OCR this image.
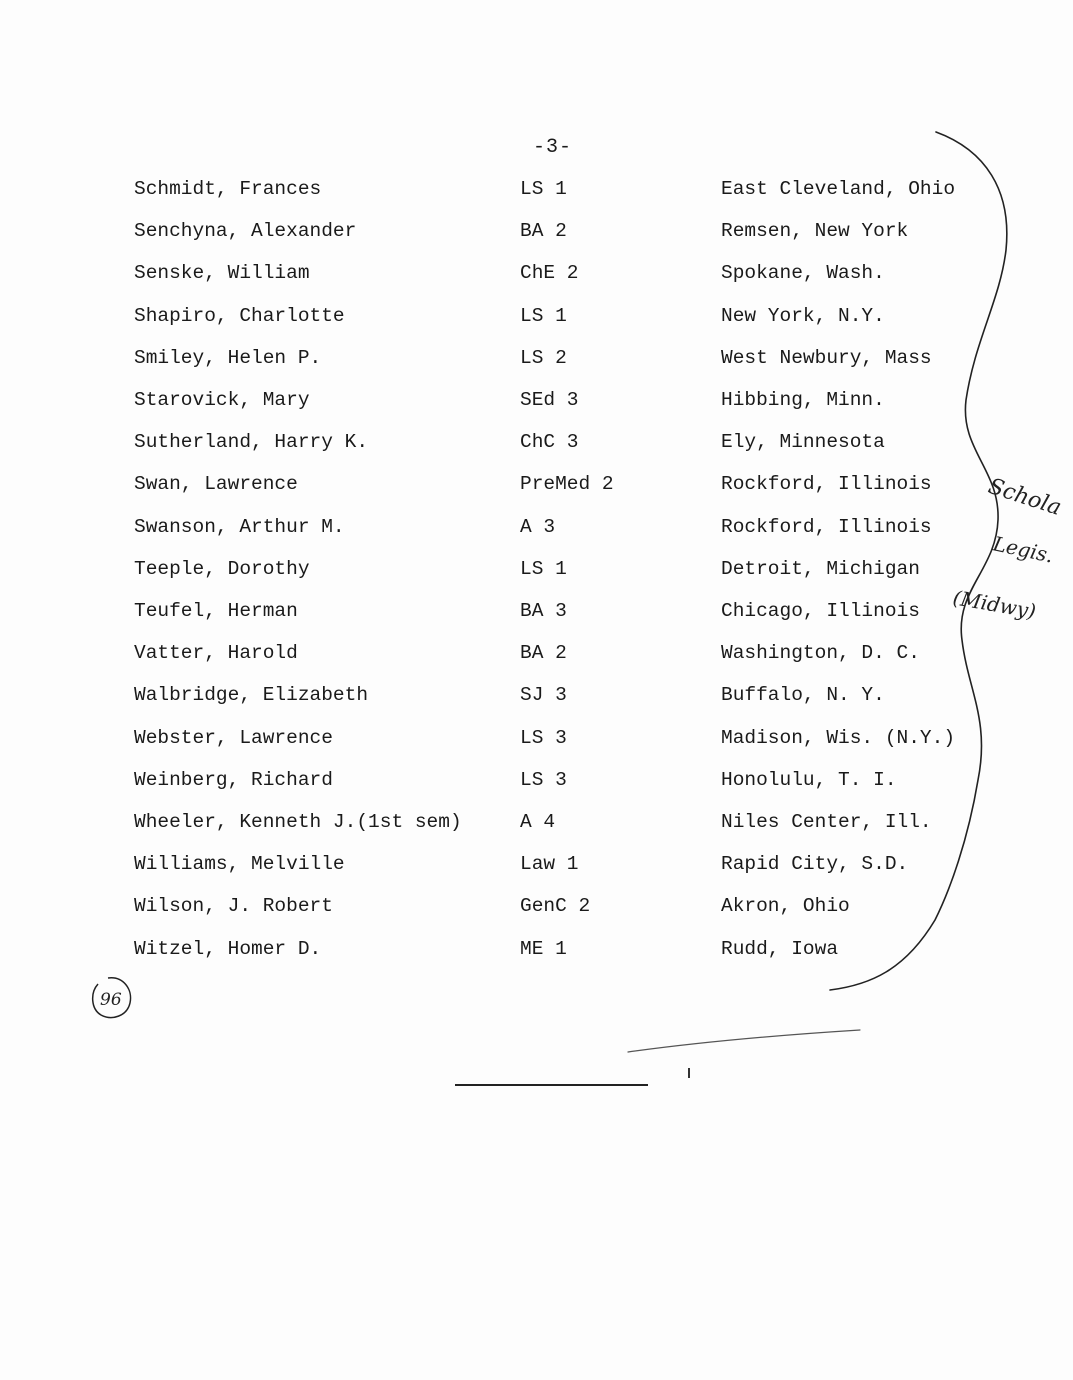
-3-
Schmidt, Frances	LS 1	East Cleveland, Ohio
Senchyna, Alexander	BA 2	Remsen, New York
Senske, William	ChE 2	Spokane, Wash.
Shapiro, Charlotte	LS 1	New York, N.Y.
Smiley, Helen P.	LS 2	West Newbury, Mass
Starovick, Mary	SEd 3	Hibbing, Minn.
Sutherland, Harry K.	ChC 3	Ely, Minnesota
Swan, Lawrence	PreMed 2	Rockford, Illinois
Swanson, Arthur M.	A 3	Rockford, Illinois
Teeple, Dorothy	LS 1	Detroit, Michigan
Teufel, Herman	BA 3	Chicago, Illinois
Vatter, Harold	BA 2	Washington, D. C.
Walbridge, Elizabeth	SJ 3	Buffalo, N. Y.
Webster, Lawrence	LS 3	Madison, Wis. (N.Y.)
Weinberg, Richard	LS 3	Honolulu, T. I.
Wheeler, Kenneth J.(1st sem)	A 4	Niles Center, Ill.
Williams, Melville	Law 1	Rapid City, S.D.
Wilson, J. Robert	GenC 2	Akron, Ohio
Witzel, Homer D.	ME 1	Rudd, Iowa
Schola
Legis.
(Midwy)
96
